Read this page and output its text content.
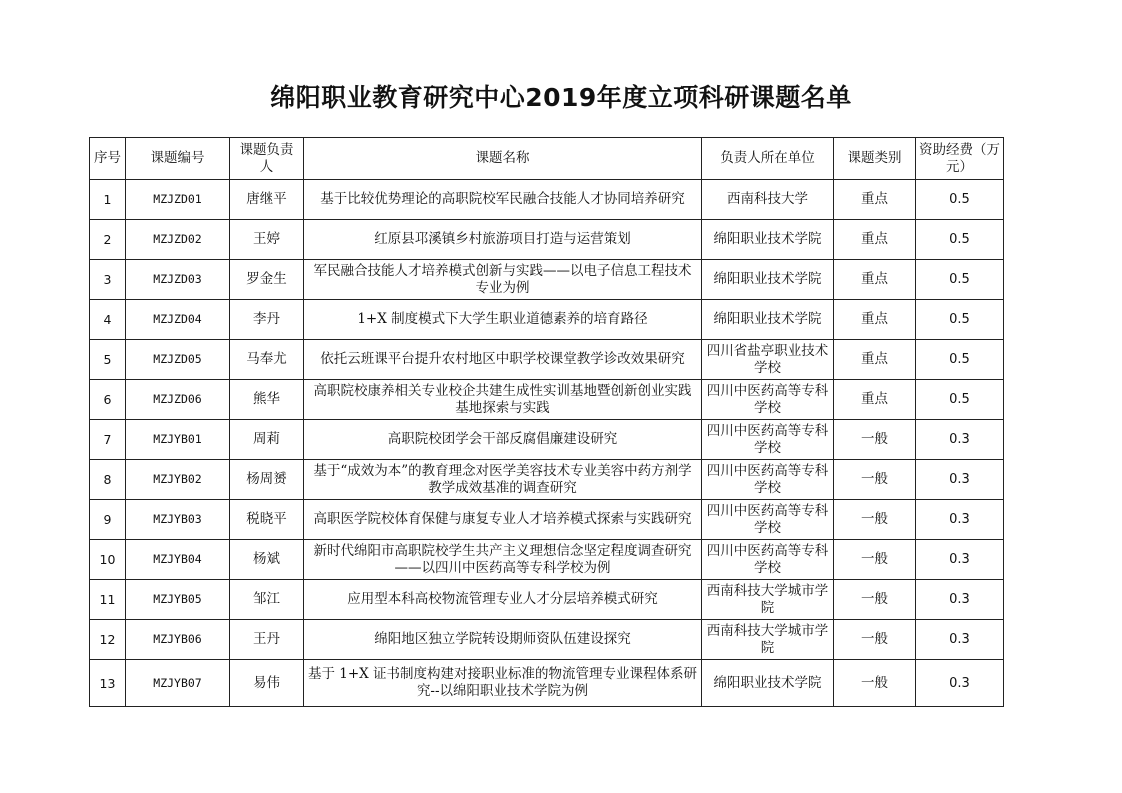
绵阳职业教育研究中心2019年度立项科研课题名单
序号	课题编号	课题负责人	课题名称	负责人所在单位	课题类别	资助经费（万元）
1	MZJZD01	唐继平	基于比较优势理论的高职院校军民融合技能人才协同培养研究	西南科技大学	重点	0.5
2	MZJZD02	王婷	红原县邛溪镇乡村旅游项目打造与运营策划	绵阳职业技术学院	重点	0.5
3	MZJZD03	罗金生	军民融合技能人才培养模式创新与实践——以电子信息工程技术专业为例	绵阳职业技术学院	重点	0.5
4	MZJZD04	李丹	1+X 制度模式下大学生职业道德素养的培育路径	绵阳职业技术学院	重点	0.5
5	MZJZD05	马奉尤	依托云班课平台提升农村地区中职学校课堂教学诊改效果研究	四川省盐亭职业技术学校	重点	0.5
6	MZJZD06	熊华	高职院校康养相关专业校企共建生成性实训基地暨创新创业实践基地探索与实践	四川中医药高等专科学校	重点	0.5
7	MZJYB01	周莉	高职院校团学会干部反腐倡廉建设研究	四川中医药高等专科学校	一般	0.3
8	MZJYB02	杨周赟	基于“成效为本”的教育理念对医学美容技术专业美容中药方剂学教学成效基准的调查研究	四川中医药高等专科学校	一般	0.3
9	MZJYB03	税晓平	高职医学院校体育保健与康复专业人才培养模式探索与实践研究	四川中医药高等专科学校	一般	0.3
10	MZJYB04	杨斌	新时代绵阳市高职院校学生共产主义理想信念坚定程度调查研究——以四川中医药高等专科学校为例	四川中医药高等专科学校	一般	0.3
11	MZJYB05	邹江	应用型本科高校物流管理专业人才分层培养模式研究	西南科技大学城市学院	一般	0.3
12	MZJYB06	王丹	绵阳地区独立学院转设期师资队伍建设探究	西南科技大学城市学院	一般	0.3
13	MZJYB07	易伟	基于 1+X 证书制度构建对接职业标准的物流管理专业课程体系研究--以绵阳职业技术学院为例	绵阳职业技术学院	一般	0.3
